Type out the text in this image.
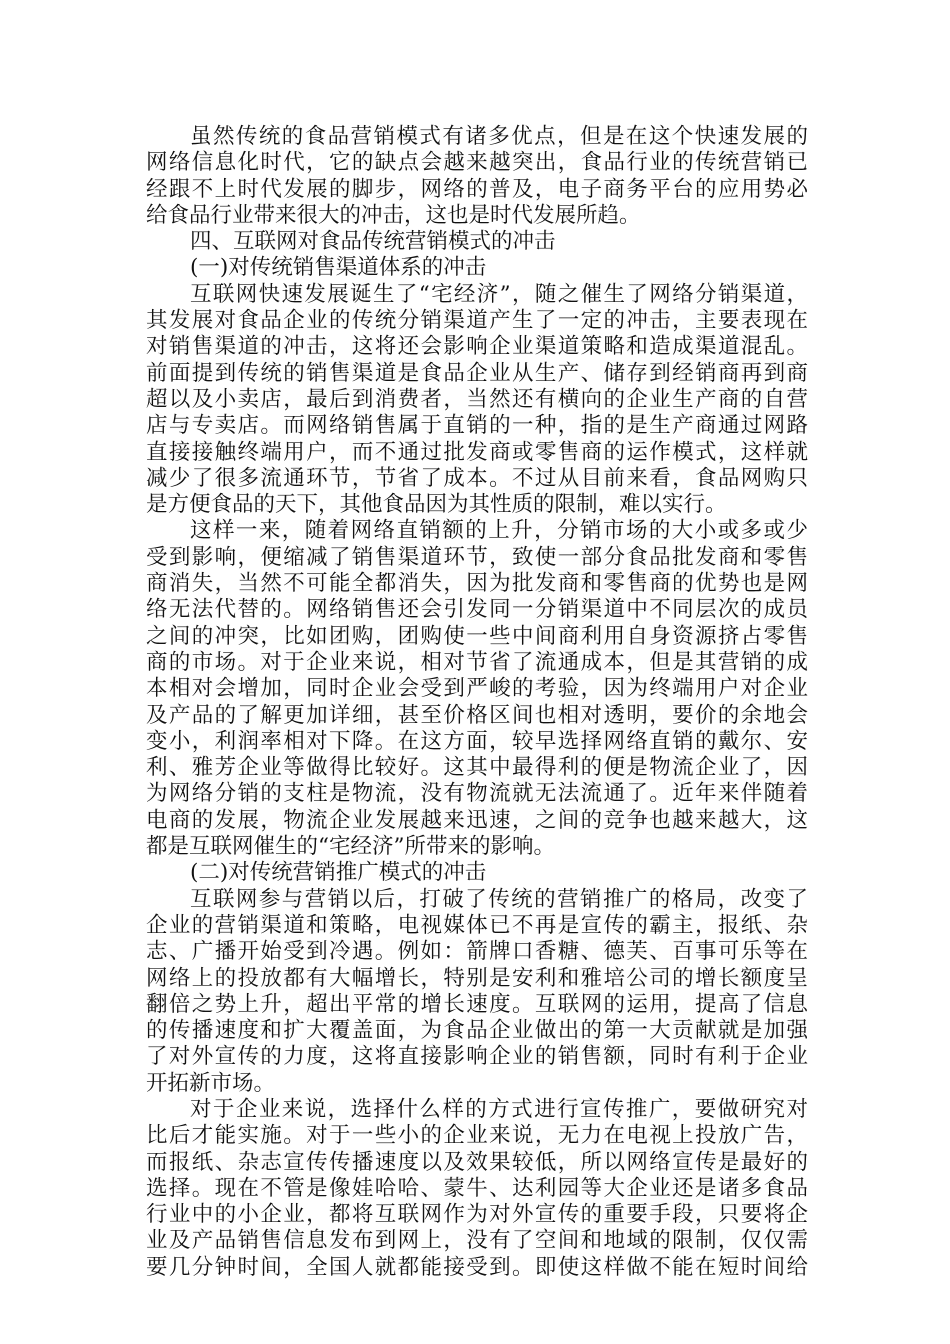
虽然传统的食品营销模式有诸多优点，但是在这个快速发展的
网络信息化时代，它的缺点会越来越突出，食品行业的传统营销已
经跟不上时代发展的脚步，网络的普及，电子商务平台的应用势必
给食品行业带来很大的冲击，这也是时代发展所趋。
四、互联网对食品传统营销模式的冲击
(一)对传统销售渠道体系的冲击
互联网快速发展诞生了“宅经济”，随之催生了网络分销渠道，
其发展对食品企业的传统分销渠道产生了一定的冲击，主要表现在
对销售渠道的冲击，这将还会影响企业渠道策略和造成渠道混乱。
前面提到传统的销售渠道是食品企业从生产、储存到经销商再到商
超以及小卖店，最后到消费者，当然还有横向的企业生产商的自营
店与专卖店。而网络销售属于直销的一种，指的是生产商通过网路
直接接触终端用户，而不通过批发商或零售商的运作模式，这样就
减少了很多流通环节，节省了成本。不过从目前来看，食品网购只
是方便食品的天下，其他食品因为其性质的限制，难以实行。
这样一来，随着网络直销额的上升，分销市场的大小或多或少
受到影响，便缩减了销售渠道环节，致使一部分食品批发商和零售
商消失，当然不可能全都消失，因为批发商和零售商的优势也是网
络无法代替的。网络销售还会引发同一分销渠道中不同层次的成员
之间的冲突，比如团购，团购使一些中间商利用自身资源挤占零售
商的市场。对于企业来说，相对节省了流通成本，但是其营销的成
本相对会增加，同时企业会受到严峻的考验，因为终端用户对企业
及产品的了解更加详细，甚至价格区间也相对透明，要价的余地会
变小，利润率相对下降。在这方面，较早选择网络直销的戴尔、安
利、雅芳企业等做得比较好。这其中最得利的便是物流企业了，因
为网络分销的支柱是物流，没有物流就无法流通了。近年来伴随着
电商的发展，物流企业发展越来迅速，之间的竞争也越来越大，这
都是互联网催生的“宅经济”所带来的影响。
(二)对传统营销推广模式的冲击
互联网参与营销以后，打破了传统的营销推广的格局，改变了
企业的营销渠道和策略，电视媒体已不再是宣传的霸主，报纸、杂
志、广播开始受到冷遇。例如：箭牌口香糖、德芙、百事可乐等在
网络上的投放都有大幅增长，特别是安利和雅培公司的增长额度呈
翻倍之势上升，超出平常的增长速度。互联网的运用，提高了信息
的传播速度和扩大覆盖面，为食品企业做出的第一大贡献就是加强
了对外宣传的力度，这将直接影响企业的销售额，同时有利于企业
开拓新市场。
对于企业来说，选择什么样的方式进行宣传推广，要做研究对
比后才能实施。对于一些小的企业来说，无力在电视上投放广告，
而报纸、杂志宣传传播速度以及效果较低，所以网络宣传是最好的
选择。现在不管是像娃哈哈、蒙牛、达利园等大企业还是诸多食品
行业中的小企业，都将互联网作为对外宣传的重要手段，只要将企
业及产品销售信息发布到网上，没有了空间和地域的限制，仅仅需
要几分钟时间，全国人就都能接受到。即使这样做不能在短时间给
